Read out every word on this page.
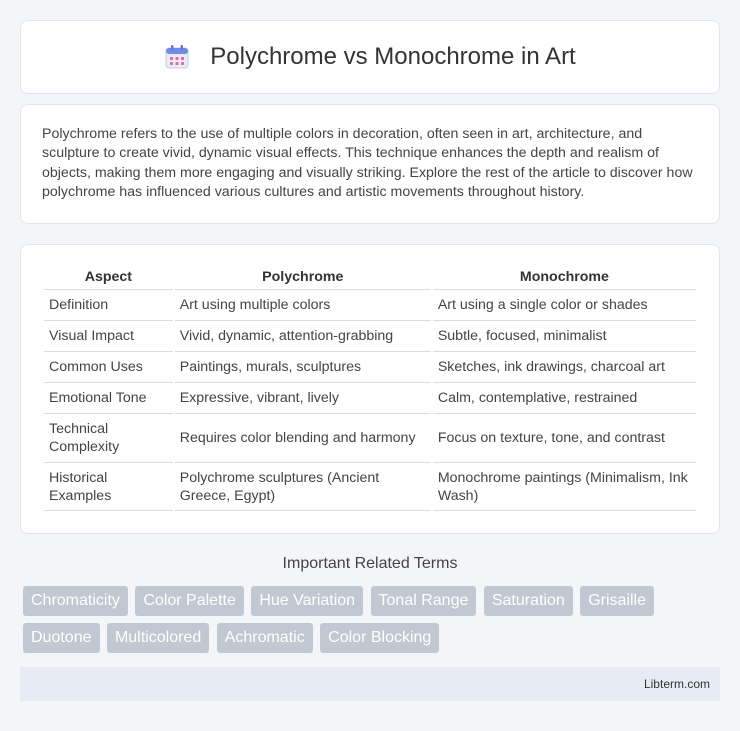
Polychrome vs Monochrome in Art

Polychrome refers to the use of multiple colors in decoration, often seen in art, architecture, and sculpture to create vivid, dynamic visual effects. This technique enhances the depth and realism of objects, making them more engaging and visually striking. Explore the rest of the article to discover how polychrome has influenced various cultures and artistic movements throughout history.

Aspect	Polychrome	Monochrome
Definition	Art using multiple colors	Art using a single color or shades
Visual Impact	Vivid, dynamic, attention-grabbing	Subtle, focused, minimalist
Common Uses	Paintings, murals, sculptures	Sketches, ink drawings, charcoal art
Emotional Tone	Expressive, vibrant, lively	Calm, contemplative, restrained
Technical Complexity	Requires color blending and harmony	Focus on texture, tone, and contrast
Historical Examples	Polychrome sculptures (Ancient Greece, Egypt)	Monochrome paintings (Minimalism, Ink Wash)
Important Related Terms
Chromaticity Color Palette Hue Variation Tonal Range Saturation Grisaille Duotone Multicolored Achromatic Color Blocking
Libterm.com
